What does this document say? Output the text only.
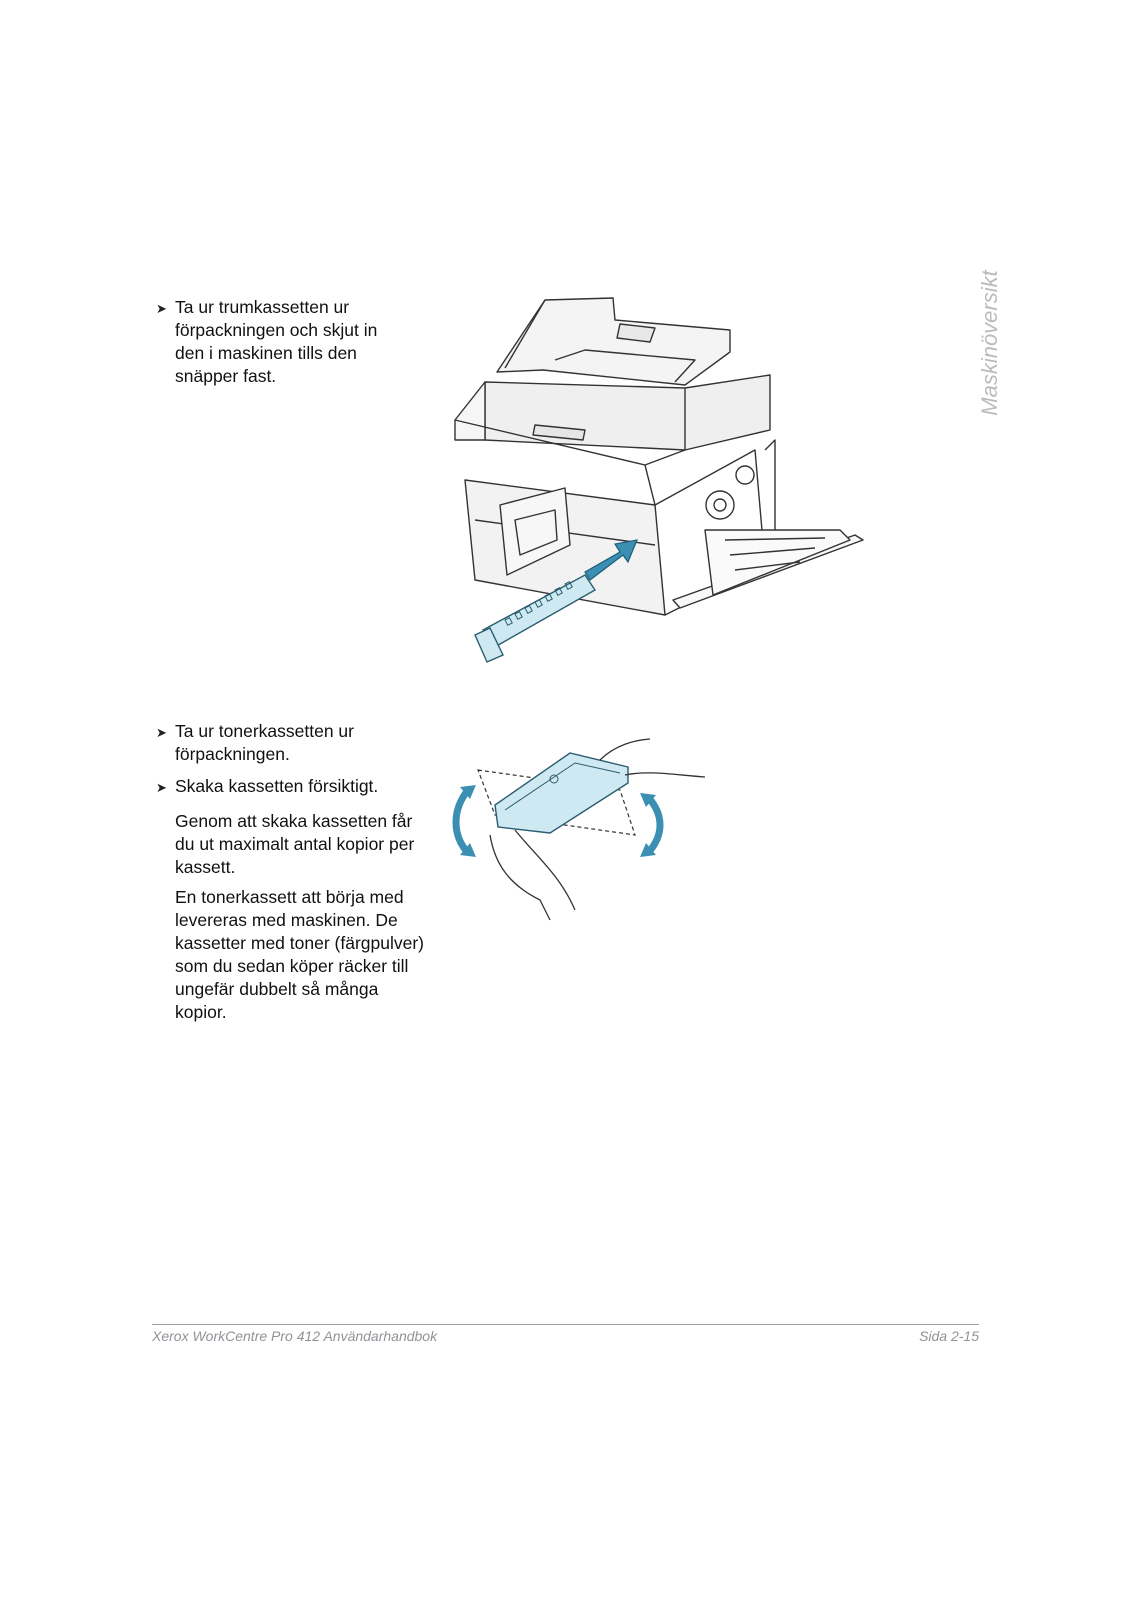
Maskinöversikt
➤ Ta ur trumkassetten ur förpackningen och skjut in den i maskinen tills den snäpper fast.
➤ Ta ur tonerkassetten ur förpackningen.
➤ Skaka kassetten försiktigt.
Genom att skaka kassetten får du ut maximalt antal kopior per kassett.
En tonerkassett att börja med levereras med maskinen. De kassetter med toner (färgpulver) som du sedan köper räcker till ungefär dubbelt så många kopior.
Xerox WorkCentre Pro 412 Användarhandbok	Sida 2-15
